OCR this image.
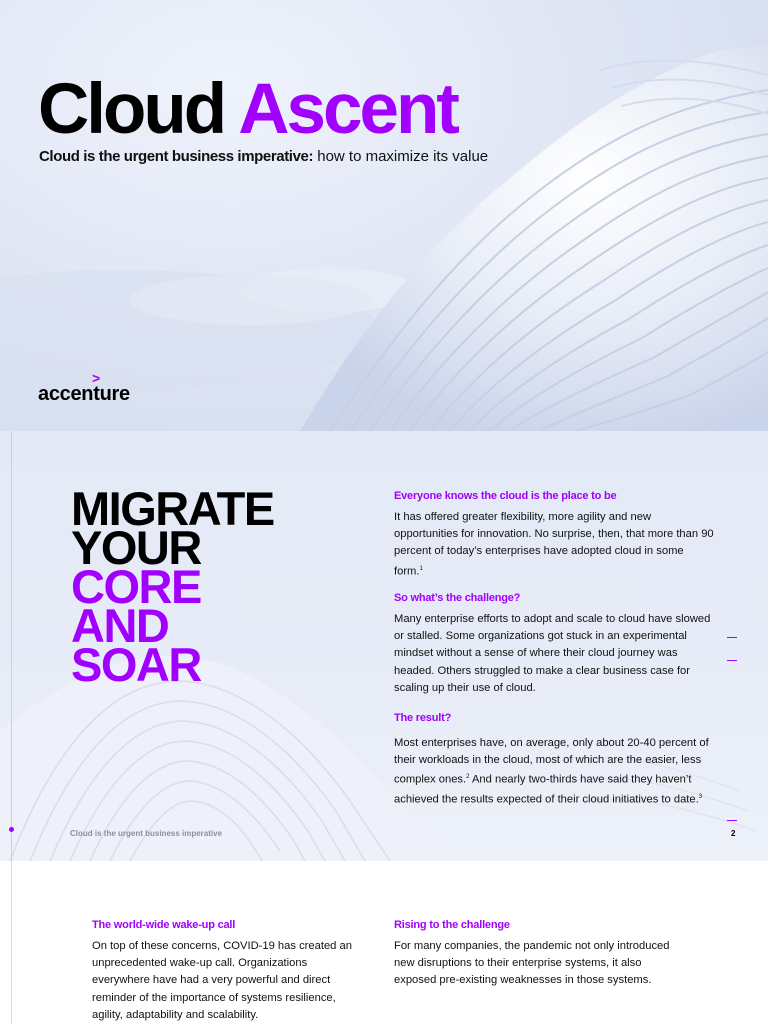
Cloud Ascent
Cloud is the urgent business imperative: how to maximize its value
>
accenture
MIGRATE
YOUR
CORE
AND
SOAR

Everyone knows the cloud is the place to be

It has offered greater flexibility, more agility and new opportunities for innovation. No surprise, then, that more than 90 percent of today’s enterprises have adopted cloud in some form.$^1$

So what’s the challenge?

Many enterprise efforts to adopt and scale to cloud have slowed or stalled. Some organizations got stuck in an experimental mindset without a sense of where their cloud journey was headed. Others struggled to make a clear business case for scaling up their use of cloud.

The result?

Most enterprises have, on average, only about 20-40 percent of their workloads in the cloud, most of which are the easier, less complex ones.$^2$ And nearly two-thirds have said they haven’t achieved the results expected of their cloud initiatives to date.$^3$

Cloud is the urgent business imperative	2

The world-wide wake-up call

On top of these concerns, COVID-19 has created an unprecedented wake-up call. Organizations everywhere have had a very powerful and direct reminder of the importance of systems resilience, agility, adaptability and scalability.

Rising to the challenge

For many companies, the pandemic not only introduced new disruptions to their enterprise systems, it also exposed pre-existing weaknesses in those systems.
